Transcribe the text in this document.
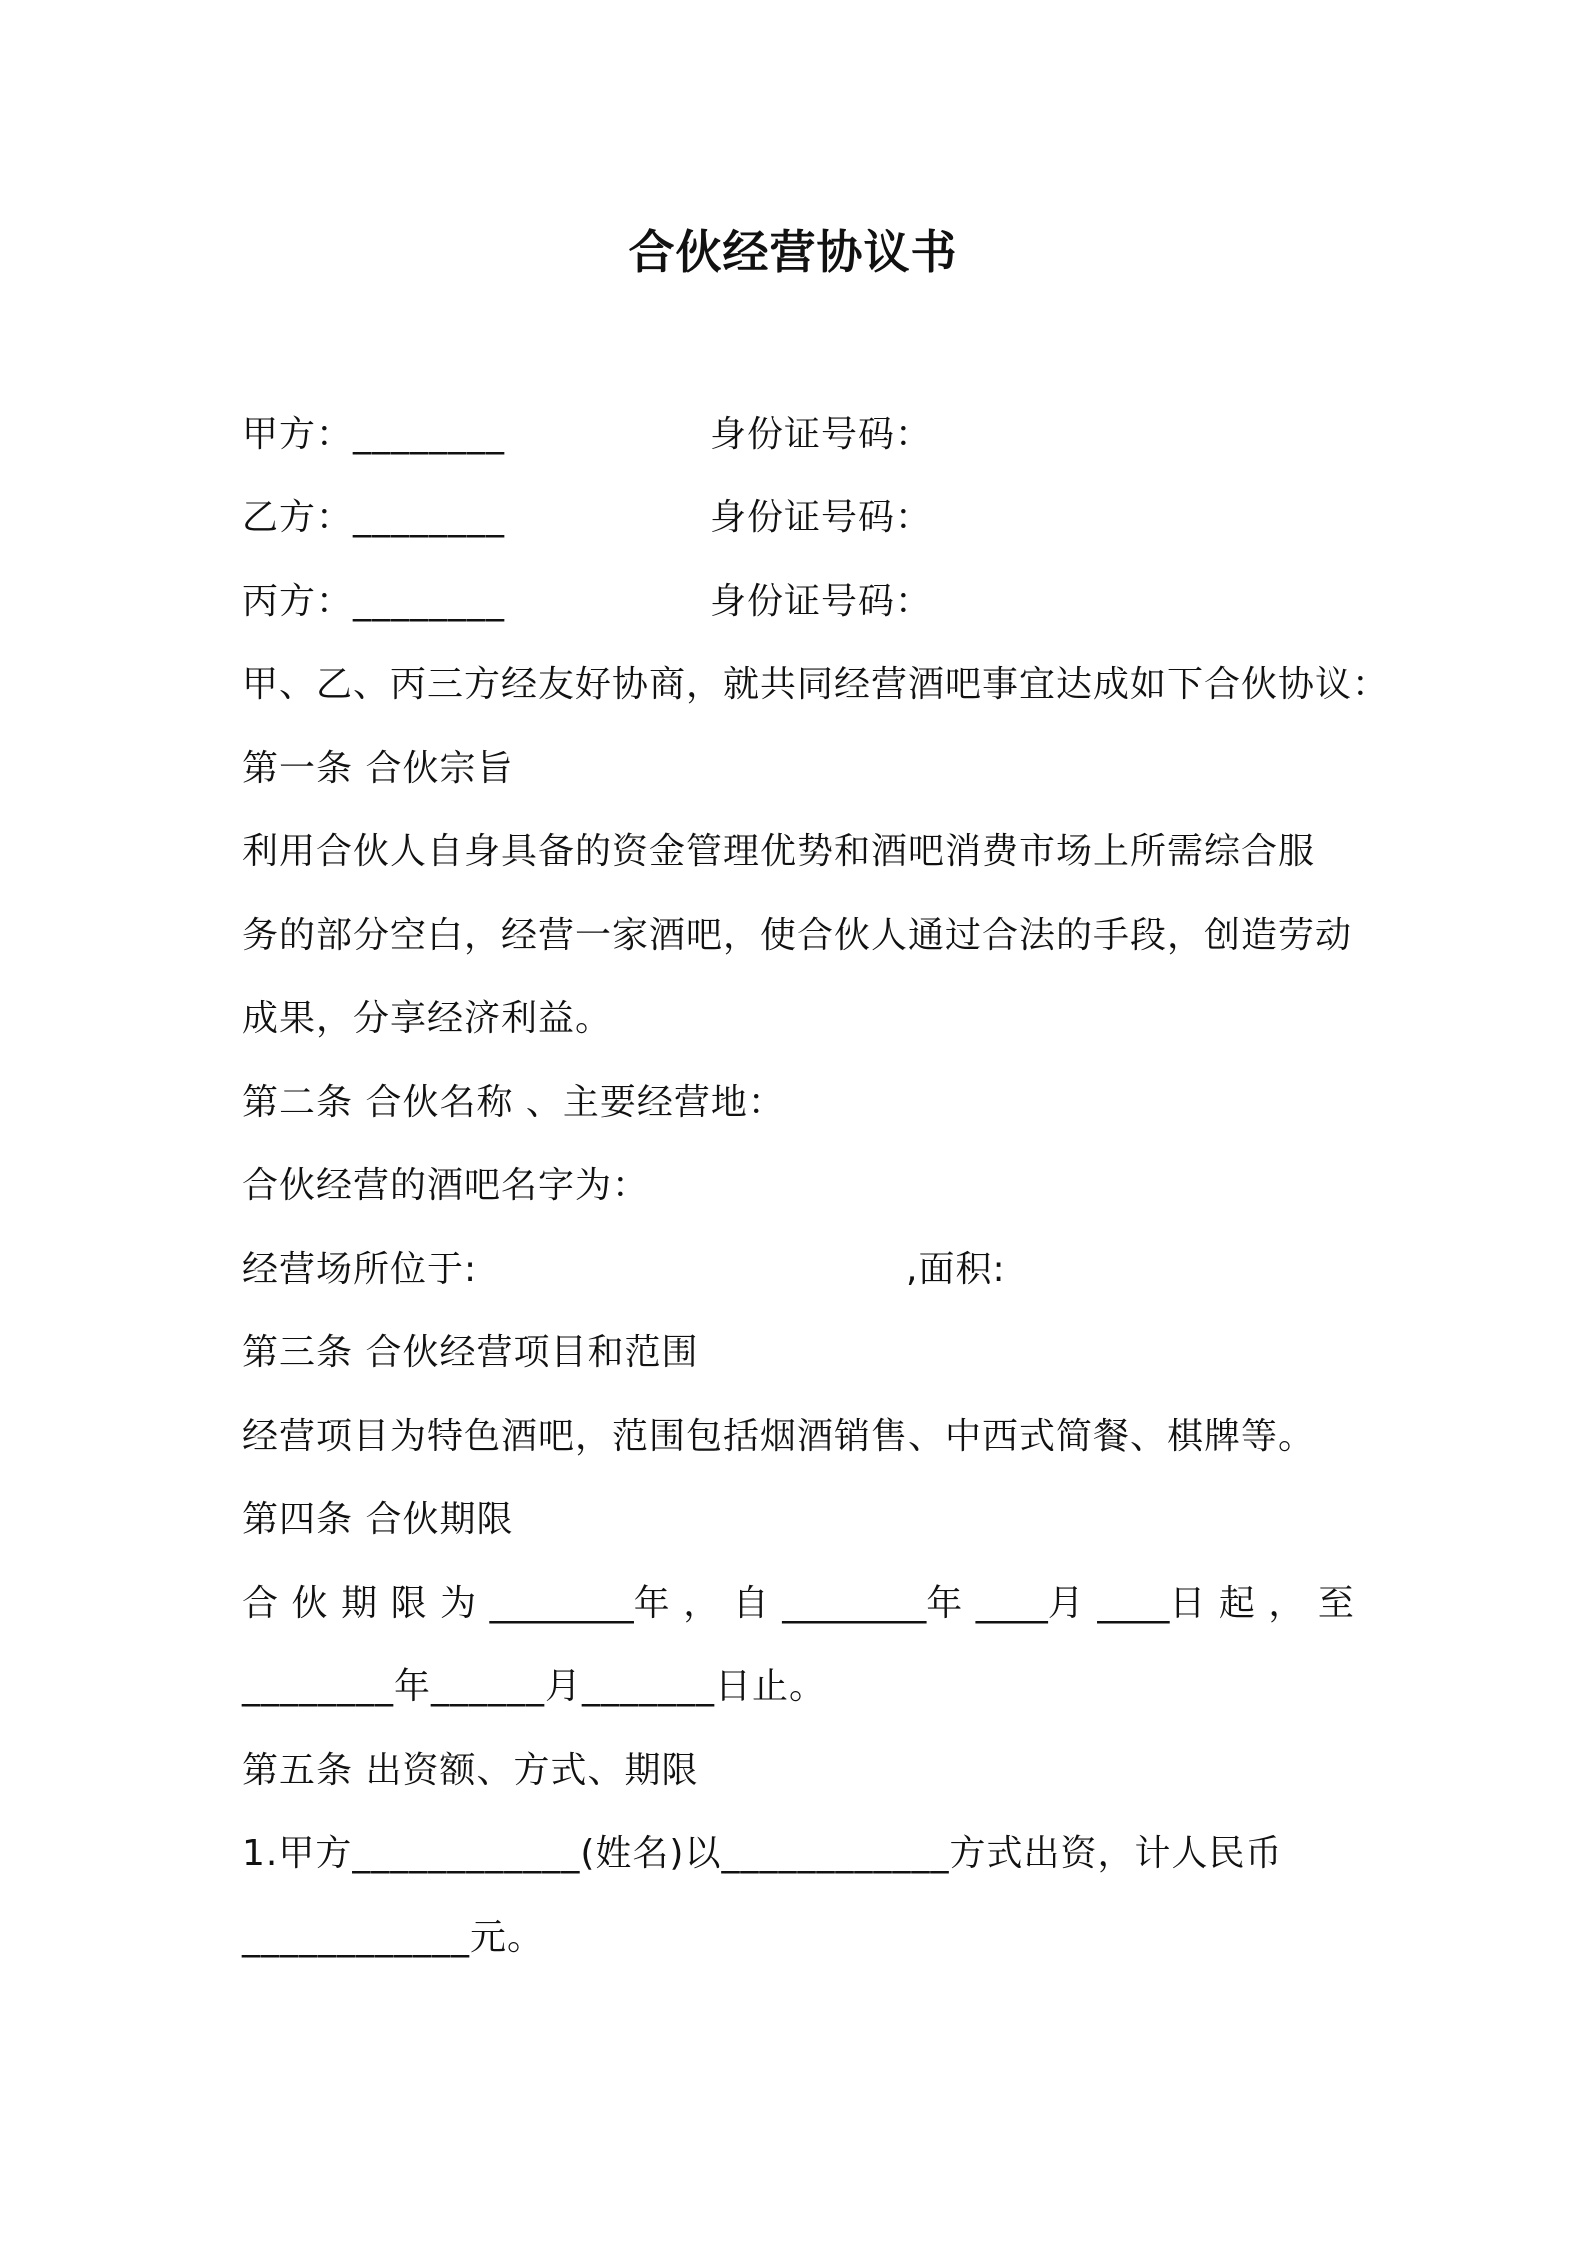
合伙经营协议书
甲方：________	身份证号码：
乙方：________	身份证号码：
丙方：________	身份证号码：
甲、乙、丙三方经友好协商，就共同经营酒吧事宜达成如下合伙协议：
第一条 合伙宗旨
利用合伙人自身具备的资金管理优势和酒吧消费市场上所需综合服
务的部分空白，经营一家酒吧，使合伙人通过合法的手段，创造劳动
成果，分享经济利益。
第二条 合伙名称 、主要经营地：
合伙经营的酒吧名字为：
经营场所位于:	,面积:
第三条 合伙经营项目和范围
经营项目为特色酒吧，范围包括烟酒销售、中西式简餐、棋牌等。
第四条 合伙期限
合 伙 期 限 为 ________年 ， 自 ________年 ____月 ____日 起 ， 至
________年______月_______日止。
第五条 出资额、方式、期限
1.甲方____________(姓名)以____________方式出资，计人民币
____________元。
